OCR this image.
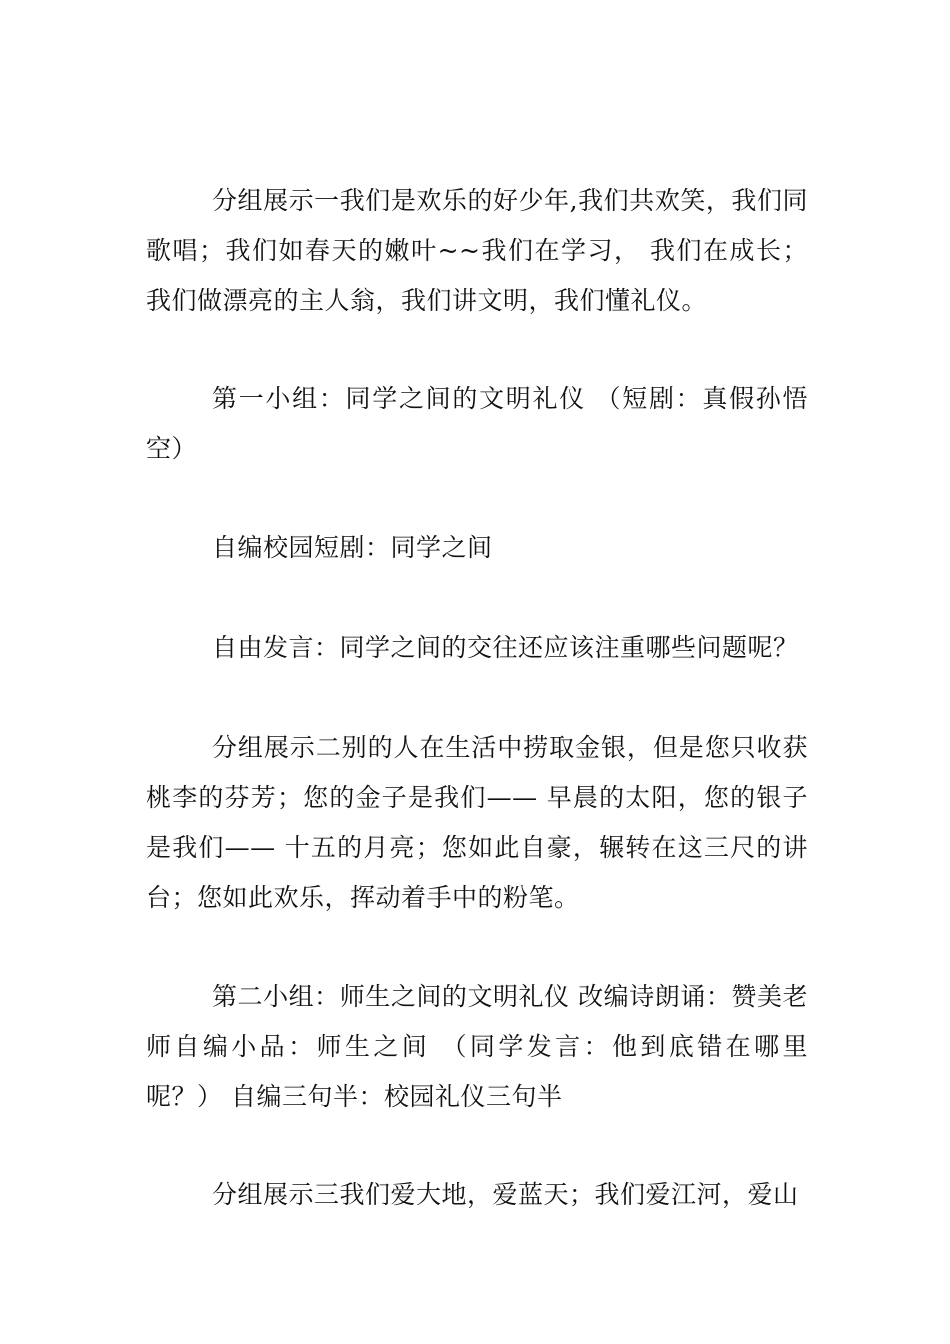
分组展示一我们是欢乐的好少年,我们共欢笑，我们同歌唱；我们如春天的嫩叶~~我们在学习， 我们在成长；我们做漂亮的主人翁，我们讲文明，我们懂礼仪。

第一小组：同学之间的文明礼仪 （短剧：真假孙悟空）

自编校园短剧：同学之间

自由发言：同学之间的交往还应该注重哪些问题呢？

分组展示二别的人在生活中捞取金银，但是您只收获桃李的芬芳；您的金子是我们—— 早晨的太阳，您的银子是我们—— 十五的月亮；您如此自豪，辗转在这三尺的讲台；您如此欢乐，挥动着手中的粉笔。

第二小组：师生之间的文明礼仪 改编诗朗诵：赞美老师自编小品：师生之间 （同学发言：他到底错在哪里呢？） 自编三句半：校园礼仪三句半

分组展示三我们爱大地，爱蓝天；我们爱江河，爱山
